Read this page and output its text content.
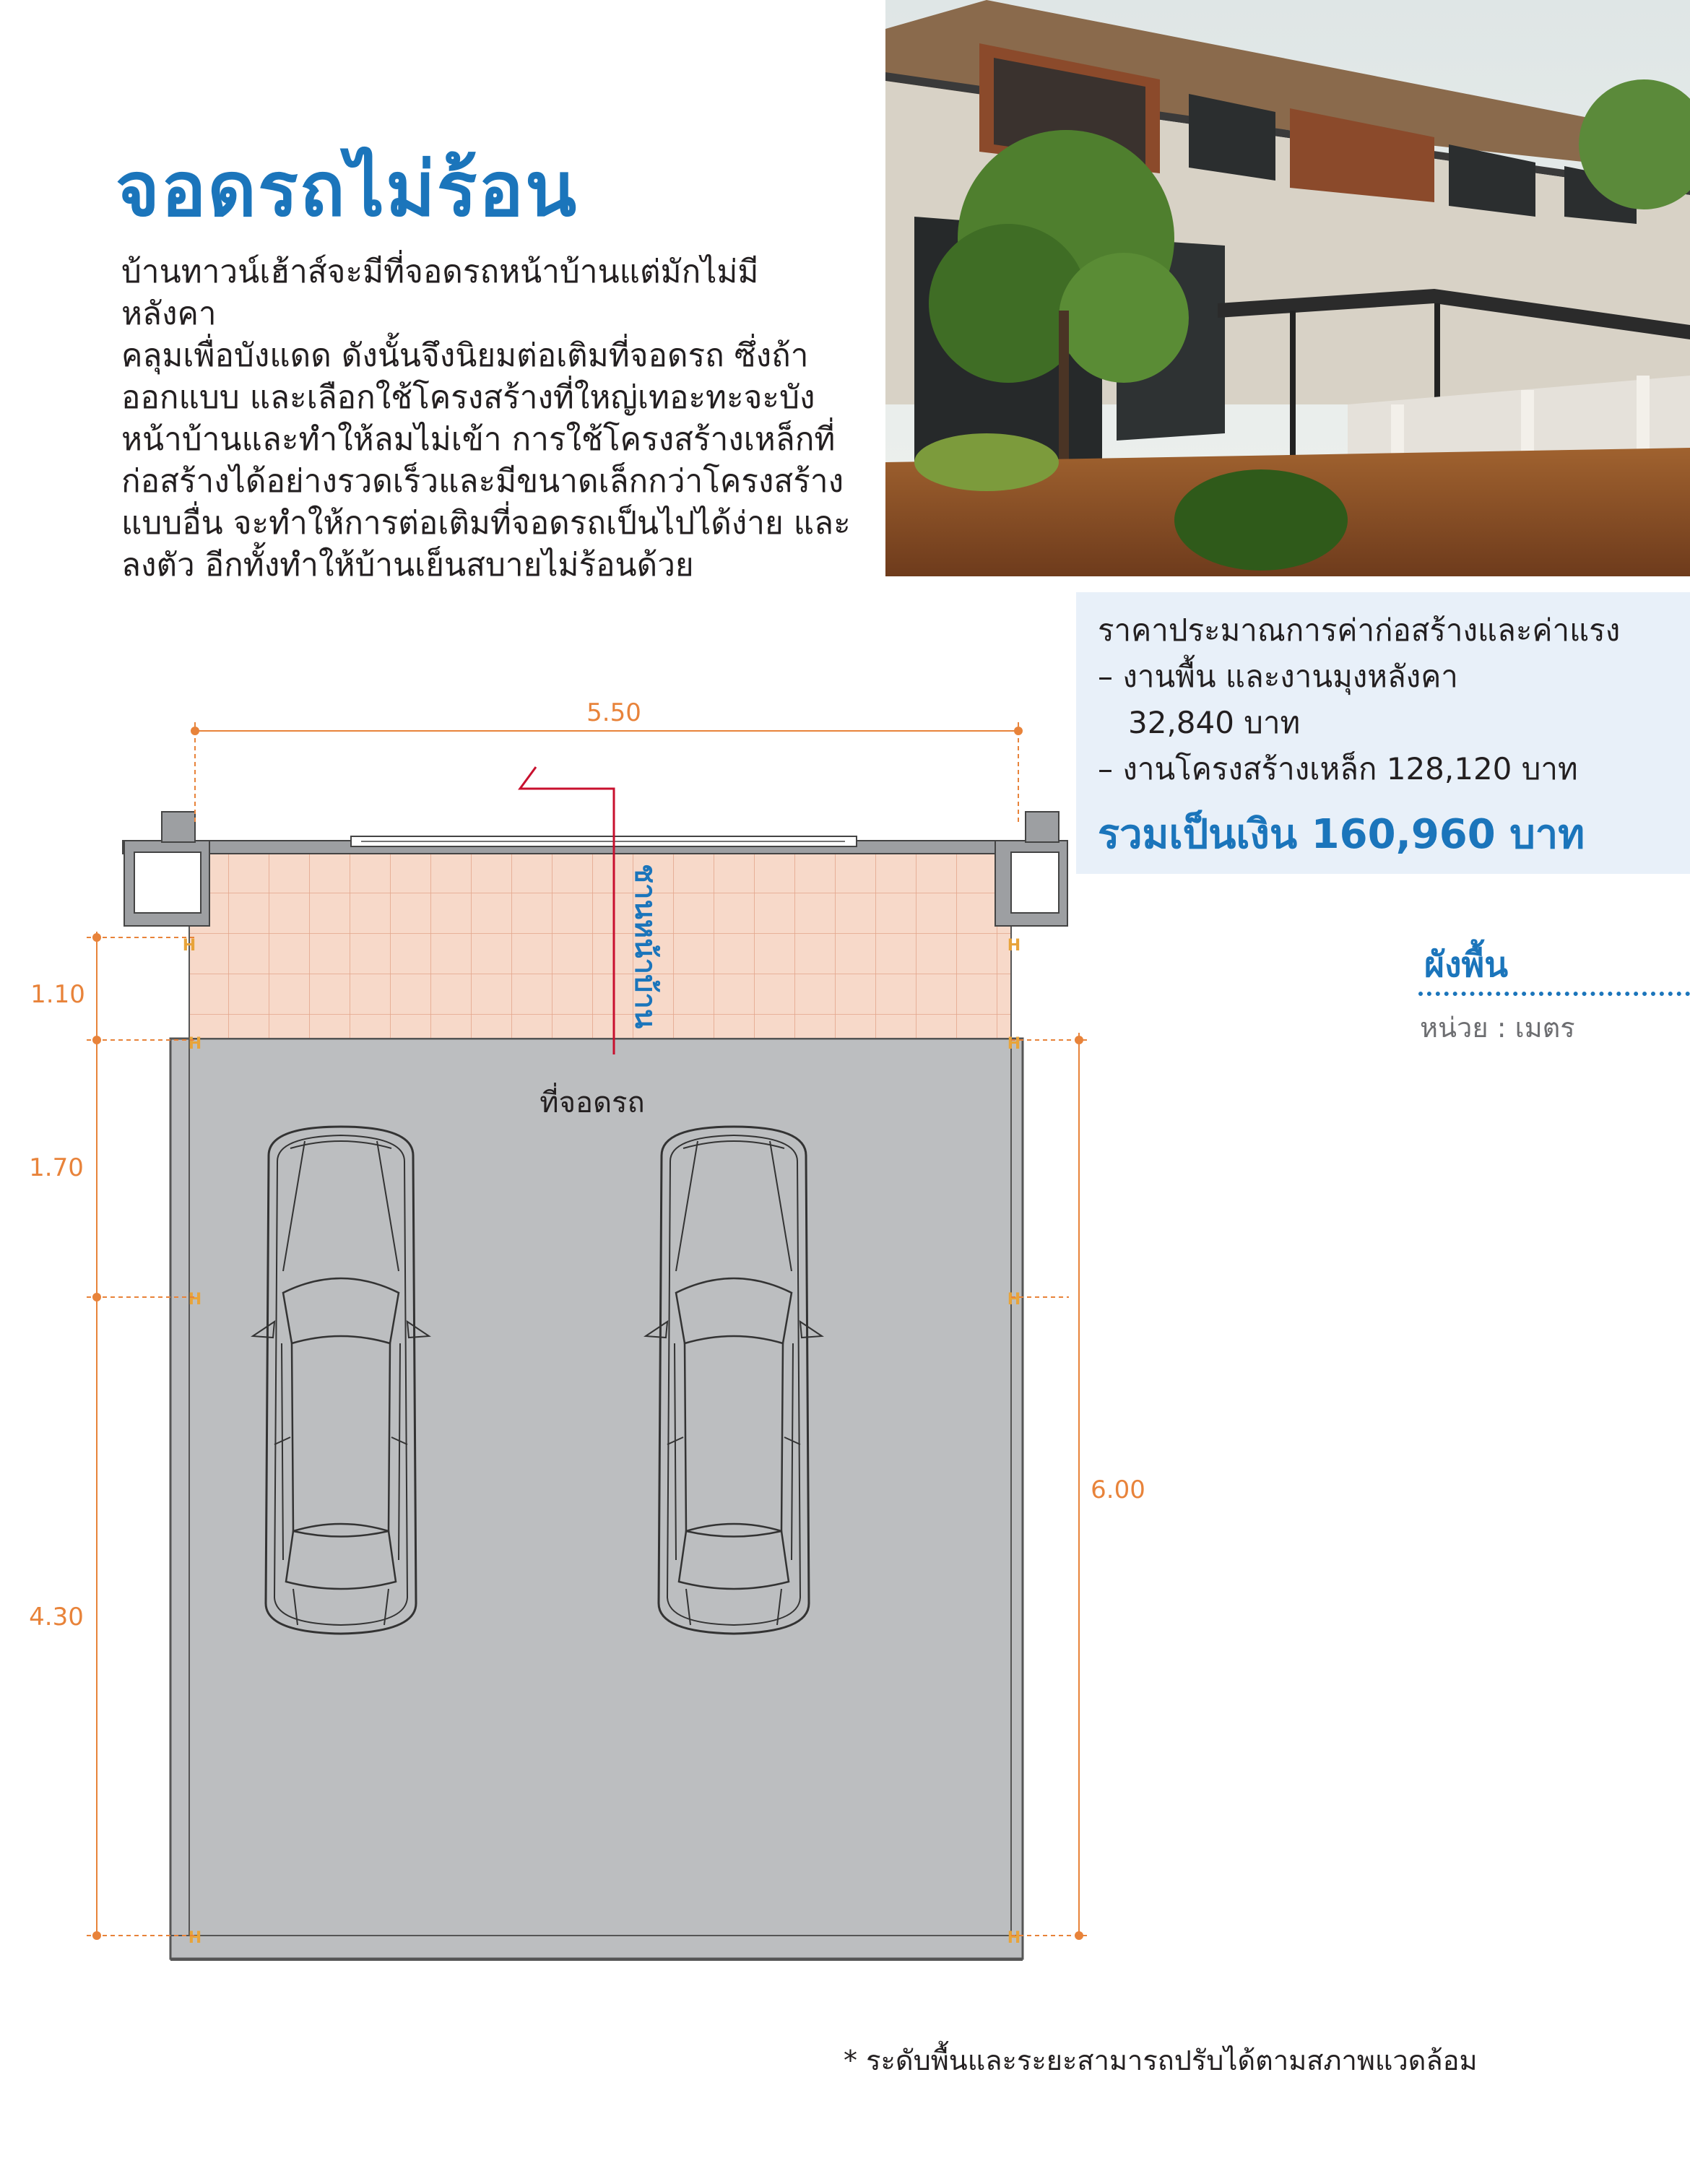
จอดรถไม่ร้อน

บ้านทาวน์เฮ้าส์จะมีที่จอดรถหน้าบ้านแต่มักไม่มีหลังคา

คลุมเพื่อบังแดด ดังนั้นจึงนิยมต่อเติมที่จอดรถ ซึ่งถ้า

ออกแบบ และเลือกใช้โครงสร้างที่ใหญ่เทอะทะจะบัง

หน้าบ้านและทำให้ลมไม่เข้า การใช้โครงสร้างเหล็กที่

ก่อสร้างได้อย่างรวดเร็วและมีขนาดเล็กกว่าโครงสร้าง

แบบอื่น จะทำให้การต่อเติมที่จอดรถเป็นไปได้ง่าย และ

ลงตัว อีกทั้งทำให้บ้านเย็นสบายไม่ร้อนด้วย

ราคาประมาณการค่าก่อสร้างและค่าแรง
– งานพื้น และงานมุงหลังคา
32,840 บาท
– งานโครงสร้างเหล็ก 128,120 บาท
รวมเป็นเงิน 160,960 บาท
ผังพื้น
หน่วย : เมตร
ชานหน้าบ้าน
ที่จอดรถ
H	H
H	H
H	H
H	H
5.50
1.10
1.70
4.30
6.00
* ระดับพื้นและระยะสามารถปรับได้ตามสภาพแวดล้อม
